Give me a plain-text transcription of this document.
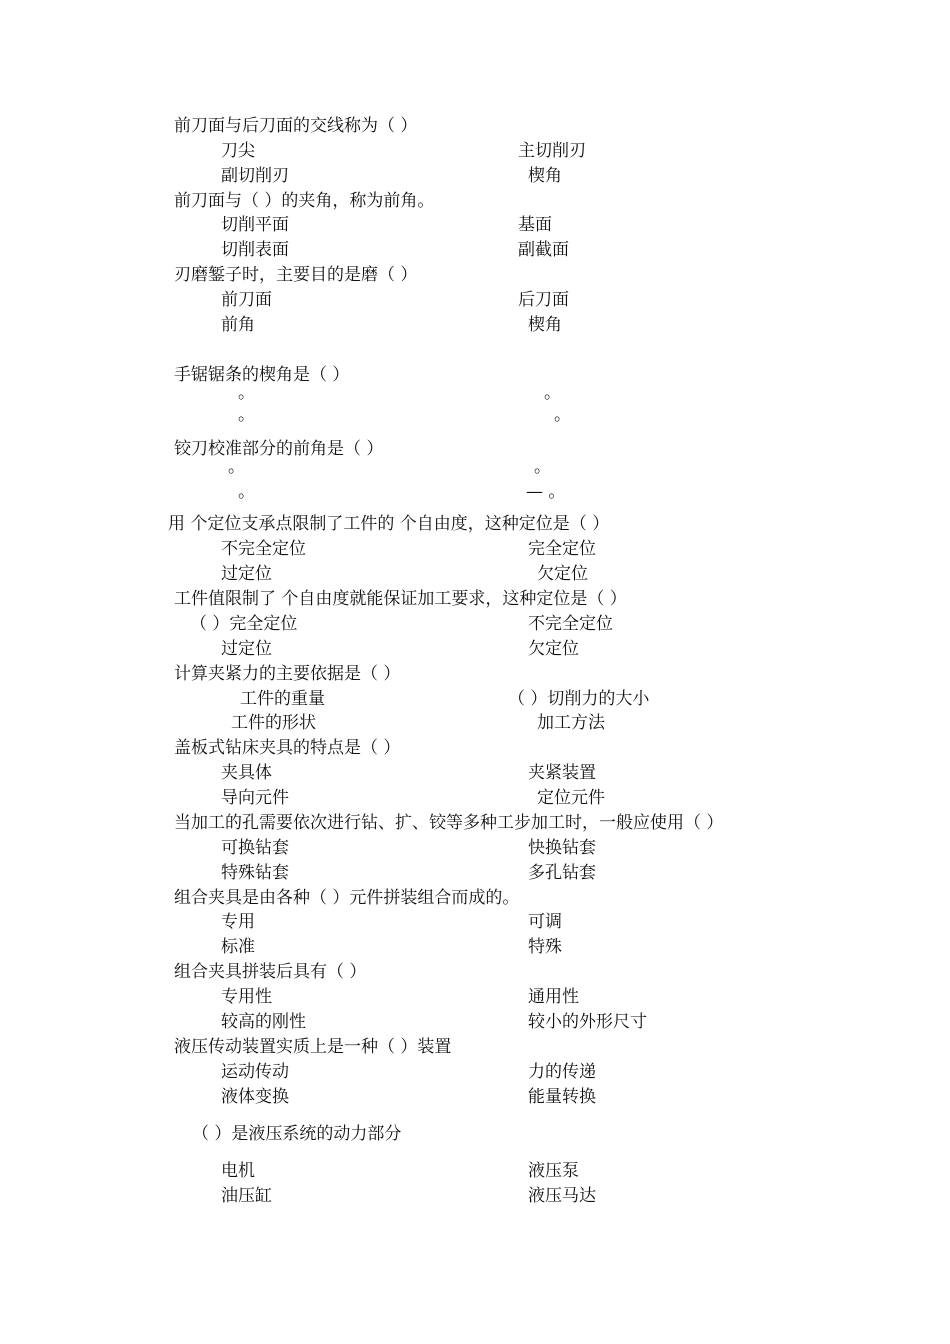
前刀面与后刀面的交线称为（ ）
刀尖	主切削刃
副切削刃	楔角
前刀面与（ ）的夹角，称为前角。
切削平面	基面
切削表面	副截面
刃磨錾子时，主要目的是磨（ ）
前刀面	后刀面
前角	楔角
手锯锯条的楔角是（ ）
。	。
。	。
铰刀校准部分的前角是（ ）
。	。
。	— 。
用 个定位支承点限制了工件的 个自由度，这种定位是（ ）
不完全定位	完全定位
过定位	欠定位
工件值限制了 个自由度就能保证加工要求，这种定位是（ ）
（ ）完全定位	不完全定位
过定位	欠定位
计算夹紧力的主要依据是（ ）
工件的重量	（ ）切削力的大小
工件的形状	加工方法
盖板式钻床夹具的特点是（ ）
夹具体	夹紧装置
导向元件	定位元件
当加工的孔需要依次进行钻、扩、铰等多种工步加工时，一般应使用（ ）
可换钻套	快换钻套
特殊钻套	多孔钻套
组合夹具是由各种（ ）元件拼装组合而成的。
专用	可调
标准	特殊
组合夹具拼装后具有（ ）
专用性	通用性
较高的刚性	较小的外形尺寸
液压传动装置实质上是一种（ ）装置
运动传动	力的传递
液体变换	能量转换
（ ）是液压系统的动力部分
电机	液压泵
油压缸	液压马达
